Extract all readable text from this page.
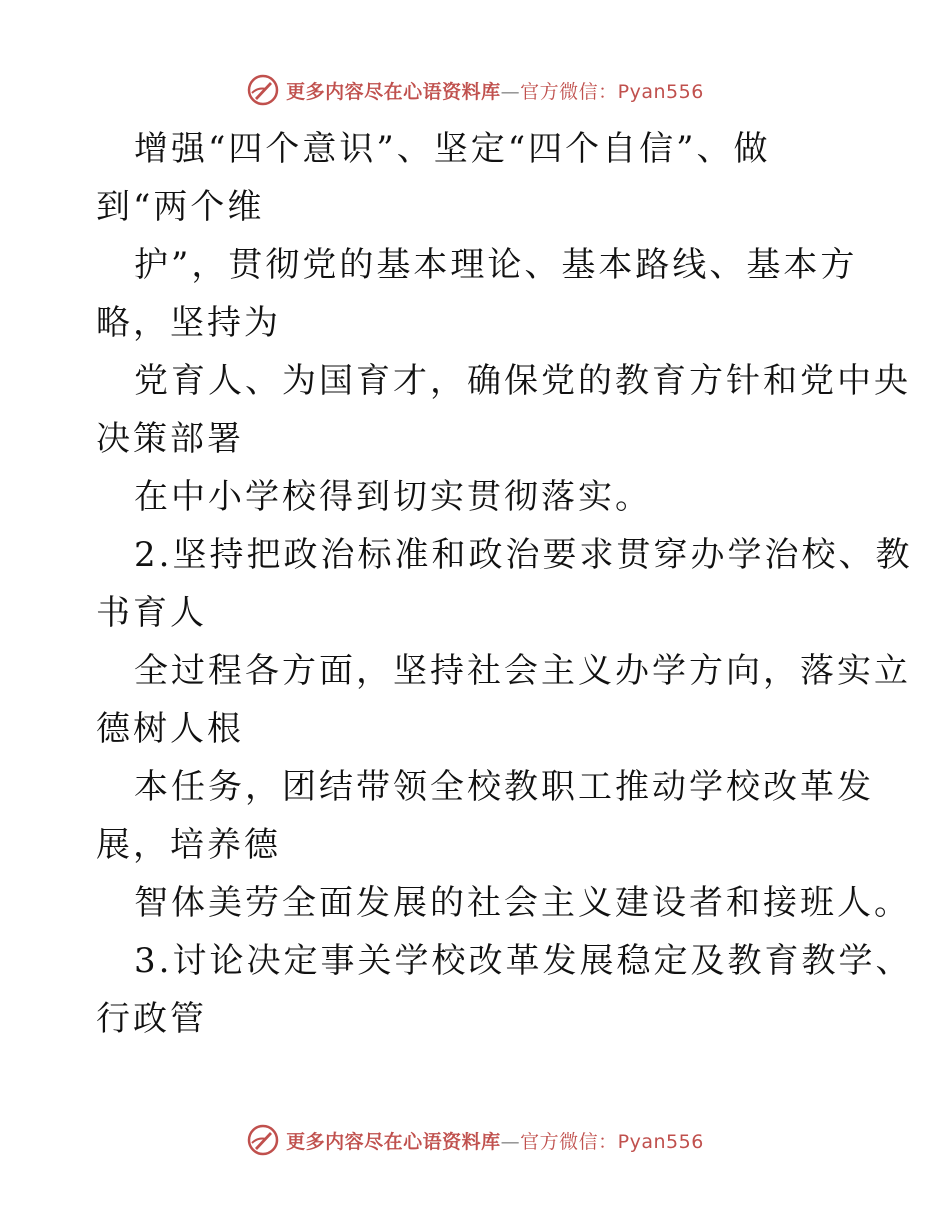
更多内容尽在心语资料库—官方微信：Pyan556
增强“四个意识”、坚定“四个自信”、做
到“两个维
护”，贯彻党的基本理论、基本路线、基本方
略，坚持为
党育人、为国育才，确保党的教育方针和党中央
决策部署
在中小学校得到切实贯彻落实。
2.坚持把政治标准和政治要求贯穿办学治校、教
书育人
全过程各方面，坚持社会主义办学方向，落实立
德树人根
本任务，团结带领全校教职工推动学校改革发
展，培养德
智体美劳全面发展的社会主义建设者和接班人。
3.讨论决定事关学校改革发展稳定及教育教学、
行政管
更多内容尽在心语资料库—官方微信：Pyan556
